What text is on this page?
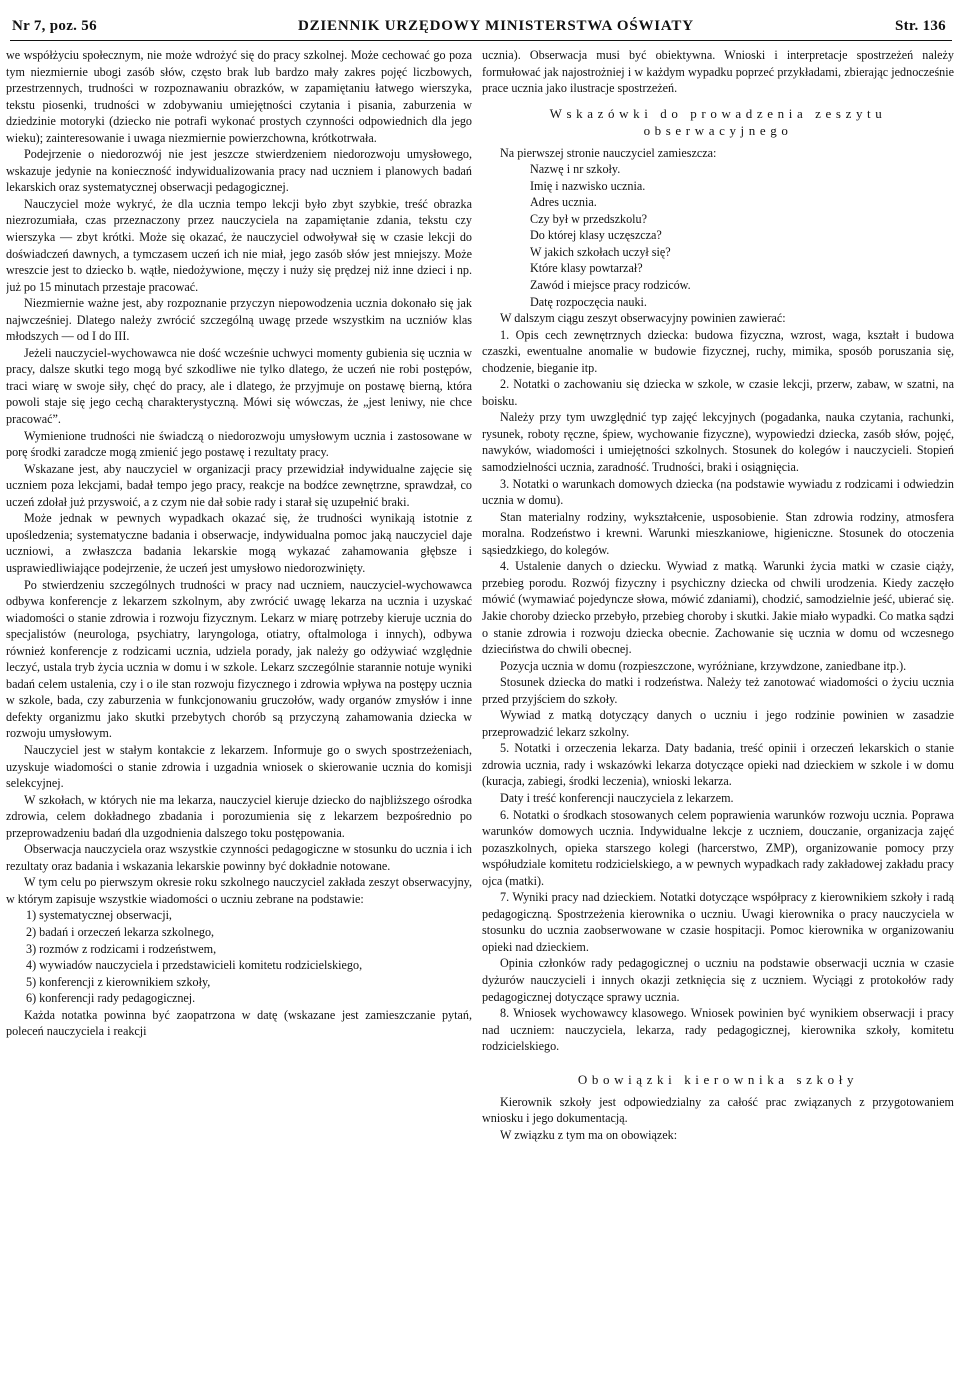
Nr 7, poz. 56	DZIENNIK URZĘDOWY MINISTERSTWA OŚWIATY	Str. 136

we współżyciu społecznym, nie może wdrożyć się do pracy szkolnej. Może cechować go poza tym niezmiernie ubogi zasób słów, często brak lub bardzo mały zakres pojęć liczbowych, przestrzennych, trudności w rozpoznawaniu obrazków, w zapamiętaniu łatwego wierszyka, tekstu piosenki, trudności w zdobywaniu umiejętności czytania i pisania, zaburzenia w dziedzinie motoryki (dziecko nie potrafi wykonać prostych czynności odpowiednich dla jego wieku); zainteresowanie i uwaga niezmiernie powierzchowna, krótkotrwała.

Podejrzenie o niedorozwój nie jest jeszcze stwierdzeniem niedorozwoju umysłowego, wskazuje jedynie na konieczność indywidualizowania pracy nad uczniem i planowych badań lekarskich oraz systematycznej obserwacji pedagogicznej.

Nauczyciel może wykryć, że dla ucznia tempo lekcji było zbyt szybkie, treść obrazka niezrozumiała, czas przeznaczony przez nauczyciela na zapamiętanie zdania, tekstu czy wierszyka — zbyt krótki. Może się okazać, że nauczyciel odwoływał się w czasie lekcji do doświadczeń dawnych, a tymczasem uczeń ich nie miał, jego zasób słów jest mniejszy. Może wreszcie jest to dziecko b. wątłe, niedożywione, męczy i nuży się prędzej niż inne dzieci i np. już po 15 minutach przestaje pracować.

Niezmiernie ważne jest, aby rozpoznanie przyczyn niepowodzenia ucznia dokonało się jak najwcześniej. Dlatego należy zwrócić szczególną uwagę przede wszystkim na uczniów klas młodszych — od I do III.

Jeżeli nauczyciel-wychowawca nie dość wcześnie uchwyci momenty gubienia się ucznia w pracy, dalsze skutki tego mogą być szkodliwe nie tylko dlatego, że uczeń nie robi postępów, traci wiarę w swoje siły, chęć do pracy, ale i dlatego, że przyjmuje on postawę bierną, która powoli staje się jego cechą charakterystyczną. Mówi się wówczas, że „jest leniwy, nie chce pracować”.

Wymienione trudności nie świadczą o niedorozwoju umysłowym ucznia i zastosowane w porę środki zaradcze mogą zmienić jego postawę i rezultaty pracy.

Wskazane jest, aby nauczyciel w organizacji pracy przewidział indywidualne zajęcie się uczniem poza lekcjami, badał tempo jego pracy, reakcje na bodźce zewnętrzne, sprawdzał, co uczeń zdołał już przyswoić, a z czym nie dał sobie rady i starał się uzupełnić braki.

Może jednak w pewnych wypadkach okazać się, że trudności wynikają istotnie z upośledzenia; systematyczne badania i obserwacje, indywidualna pomoc jaką nauczyciel daje uczniowi, a zwłaszcza badania lekarskie mogą wykazać zahamowania głębsze i usprawiedliwiające podejrzenie, że uczeń jest umysłowo niedorozwinięty.

Po stwierdzeniu szczególnych trudności w pracy nad uczniem, nauczyciel-wychowawca odbywa konferencje z lekarzem szkolnym, aby zwrócić uwagę lekarza na ucznia i uzyskać wiadomości o stanie zdrowia i rozwoju fizycznym. Lekarz w miarę potrzeby kieruje ucznia do specjalistów (neurologa, psychiatry, laryngologa, otiatry, oftalmologa i innych), odbywa również konferencje z rodzicami ucznia, udziela porady, jak należy go odżywiać względnie leczyć, ustala tryb życia ucznia w domu i w szkole. Lekarz szczególnie starannie notuje wyniki badań celem ustalenia, czy i o ile stan rozwoju fizycznego i zdrowia wpływa na postępy ucznia w szkole, bada, czy zaburzenia w funkcjonowaniu gruczołów, wady organów zmysłów i inne defekty organizmu jako skutki przebytych chorób są przyczyną zahamowania dziecka w rozwoju umysłowym.

Nauczyciel jest w stałym kontakcie z lekarzem. Informuje go o swych spostrzeżeniach, uzyskuje wiadomości o stanie zdrowia i uzgadnia wniosek o skierowanie ucznia do komisji selekcyjnej.

W szkołach, w których nie ma lekarza, nauczyciel kieruje dziecko do najbliższego ośrodka zdrowia, celem dokładnego zbadania i porozumienia się z lekarzem bezpośrednio po przeprowadzeniu badań dla uzgodnienia dalszego toku postępowania.

Obserwacja nauczyciela oraz wszystkie czynności pedagogiczne w stosunku do ucznia i ich rezultaty oraz badania i wskazania lekarskie powinny być dokładnie notowane.

W tym celu po pierwszym okresie roku szkolnego nauczyciel zakłada zeszyt obserwacyjny, w którym zapisuje wszystkie wiadomości o uczniu zebrane na podstawie:

1) systematycznej obserwacji,

2) badań i orzeczeń lekarza szkolnego,

3) rozmów z rodzicami i rodzeństwem,

4) wywiadów nauczyciela i przedstawicieli komitetu rodzicielskiego,

5) konferencji z kierownikiem szkoły,

6) konferencji rady pedagogicznej.

Każda notatka powinna być zaopatrzona w datę (wskazane jest zamieszczanie pytań, poleceń nauczyciela i reakcji

ucznia). Obserwacja musi być obiektywna. Wnioski i interpretacje spostrzeżeń należy formułować jak najostrożniej i w każdym wypadku poprzeć przykładami, zbierając jednocześnie prace ucznia jako ilustracje spostrzeżeń.

Wskazówki do prowadzenia zeszytu obserwacyjnego

Na pierwszej stronie nauczyciel zamieszcza:

Nazwę i nr szkoły.

Imię i nazwisko ucznia.

Adres ucznia.

Czy był w przedszkolu?

Do której klasy uczęszcza?

W jakich szkołach uczył się?

Które klasy powtarzał?

Zawód i miejsce pracy rodziców.

Datę rozpoczęcia nauki.

W dalszym ciągu zeszyt obserwacyjny powinien zawierać:

1. Opis cech zewnętrznych dziecka: budowa fizyczna, wzrost, waga, kształt i budowa czaszki, ewentualne anomalie w budowie fizycznej, ruchy, mimika, sposób poruszania się, chodzenie, bieganie itp.

2. Notatki o zachowaniu się dziecka w szkole, w czasie lekcji, przerw, zabaw, w szatni, na boisku.

Należy przy tym uwzględnić typ zajęć lekcyjnych (pogadanka, nauka czytania, rachunki, rysunek, roboty ręczne, śpiew, wychowanie fizyczne), wypowiedzi dziecka, zasób słów, pojęć, nawyków, wiadomości i umiejętności szkolnych. Stosunek do kolegów i nauczycieli. Stopień samodzielności ucznia, zaradność. Trudności, braki i osiągnięcia.

3. Notatki o warunkach domowych dziecka (na podstawie wywiadu z rodzicami i odwiedzin ucznia w domu).

Stan materialny rodziny, wykształcenie, usposobienie. Stan zdrowia rodziny, atmosfera moralna. Rodzeństwo i krewni. Warunki mieszkaniowe, higieniczne. Stosunek do otoczenia sąsiedzkiego, do kolegów.

4. Ustalenie danych o dziecku. Wywiad z matką. Warunki życia matki w czasie ciąży, przebieg porodu. Rozwój fizyczny i psychiczny dziecka od chwili urodzenia. Kiedy zaczęło mówić (wymawiać pojedyncze słowa, mówić zdaniami), chodzić, samodzielnie jeść, ubierać się. Jakie choroby dziecko przebyło, przebieg choroby i skutki. Jakie miało wypadki. Co matka sądzi o stanie zdrowia i rozwoju dziecka obecnie. Zachowanie się ucznia w domu od wczesnego dzieciństwa do chwili obecnej.

Pozycja ucznia w domu (rozpieszczone, wyróżniane, krzywdzone, zaniedbane itp.).

Stosunek dziecka do matki i rodzeństwa. Należy też zanotować wiadomości o życiu ucznia przed przyjściem do szkoły.

Wywiad z matką dotyczący danych o uczniu i jego rodzinie powinien w zasadzie przeprowadzić lekarz szkolny.

5. Notatki i orzeczenia lekarza. Daty badania, treść opinii i orzeczeń lekarskich o stanie zdrowia ucznia, rady i wskazówki lekarza dotyczące opieki nad dzieckiem w szkole i w domu (kuracja, zabiegi, środki leczenia), wnioski lekarza.

Daty i treść konferencji nauczyciela z lekarzem.

6. Notatki o środkach stosowanych celem poprawienia warunków rozwoju ucznia. Poprawa warunków domowych ucznia. Indywidualne lekcje z uczniem, douczanie, organizacja zajęć pozaszkolnych, opieka starszego kolegi (harcerstwo, ZMP), organizowanie pomocy przy współudziale komitetu rodzicielskiego, a w pewnych wypadkach rady zakładowej zakładu pracy ojca (matki).

7. Wyniki pracy nad dzieckiem. Notatki dotyczące współpracy z kierownikiem szkoły i radą pedagogiczną. Spostrzeżenia kierownika o uczniu. Uwagi kierownika o pracy nauczyciela w stosunku do ucznia zaobserwowane w czasie hospitacji. Pomoc kierownika w organizowaniu opieki nad dzieckiem.

Opinia członków rady pedagogicznej o uczniu na podstawie obserwacji ucznia w czasie dyżurów nauczycieli i innych okazji zetknięcia się z uczniem. Wyciągi z protokołów rady pedagogicznej dotyczące sprawy ucznia.

8. Wniosek wychowawcy klasowego. Wniosek powinien być wynikiem obserwacji i pracy nad uczniem: nauczyciela, lekarza, rady pedagogicznej, kierownika szkoły, komitetu rodzicielskiego.

Obowiązki kierownika szkoły

Kierownik szkoły jest odpowiedzialny za całość prac związanych z przygotowaniem wniosku i jego dokumentacją.

W związku z tym ma on obowiązek:
